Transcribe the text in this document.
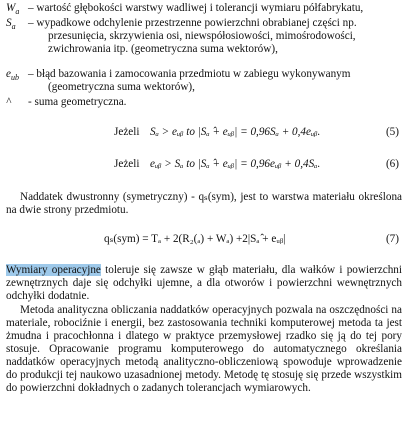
$W_a$ – wartość głębokości warstwy wadliwej i tolerancji wymiaru półfabrykatu,
$S_a$	– wypadkowe odchylenie przestrzenne powierzchni obrabianej części np.
przesunięcia, skrzywienia osi, niewspółosiowości, mimośrodowości, zwichrowania itp. (geometryczna suma wektorów),
$e_{ub}$ – błąd bazowania i zamocowania przedmiotu w zabiegu wykonywanym
(geometryczna suma wektorów),
^	- suma geometryczna.
Jeżeli Sₐ > eᵤᵦ to |Sₐ ̂+ eᵤᵦ| = 0,96Sₐ + 0,4eᵤᵦ.	(5)
Jeżeli eᵤᵦ > Sₐ to |Sₐ ̂+ eᵤᵦ| = 0,96eᵤᵦ + 0,4Sₐ.	(6)

Naddatek dwustronny (symetryczny) - qₛ(sym), jest to warstwa materiału określona na dwie strony przedmiotu.

qₛ(sym) = Tₐ + 2(R₂(ₐ) + Wₐ) +2|Sₐ ̂+ eᵤᵦ|	(7)

Wymiary operacyjne toleruje się zawsze w głąb materiału, dla wałków i powierzchni zewnętrznych daje się odchyłki ujemne, a dla otworów i powierzchni wewnętrznych odchyłki dodatnie.

Metoda analityczna obliczania naddatków operacyjnych pozwala na oszczędności na materiale, robociźnie i energii, bez zastosowania techniki komputerowej metoda ta jest żmudna i pracochłonna i dlatego w praktyce przemysłowej rzadko się ją do tej pory stosuje. Opracowanie programu komputerowego do automatycznego określania naddatków operacyjnych metodą analityczno-obliczeniową spowoduje wprowadzenie do produkcji tej naukowo uzasadnionej metody. Metodę tę stosuję się przede wszystkim do powierzchni dokładnych o zadanych tolerancjach wymiarowych.
